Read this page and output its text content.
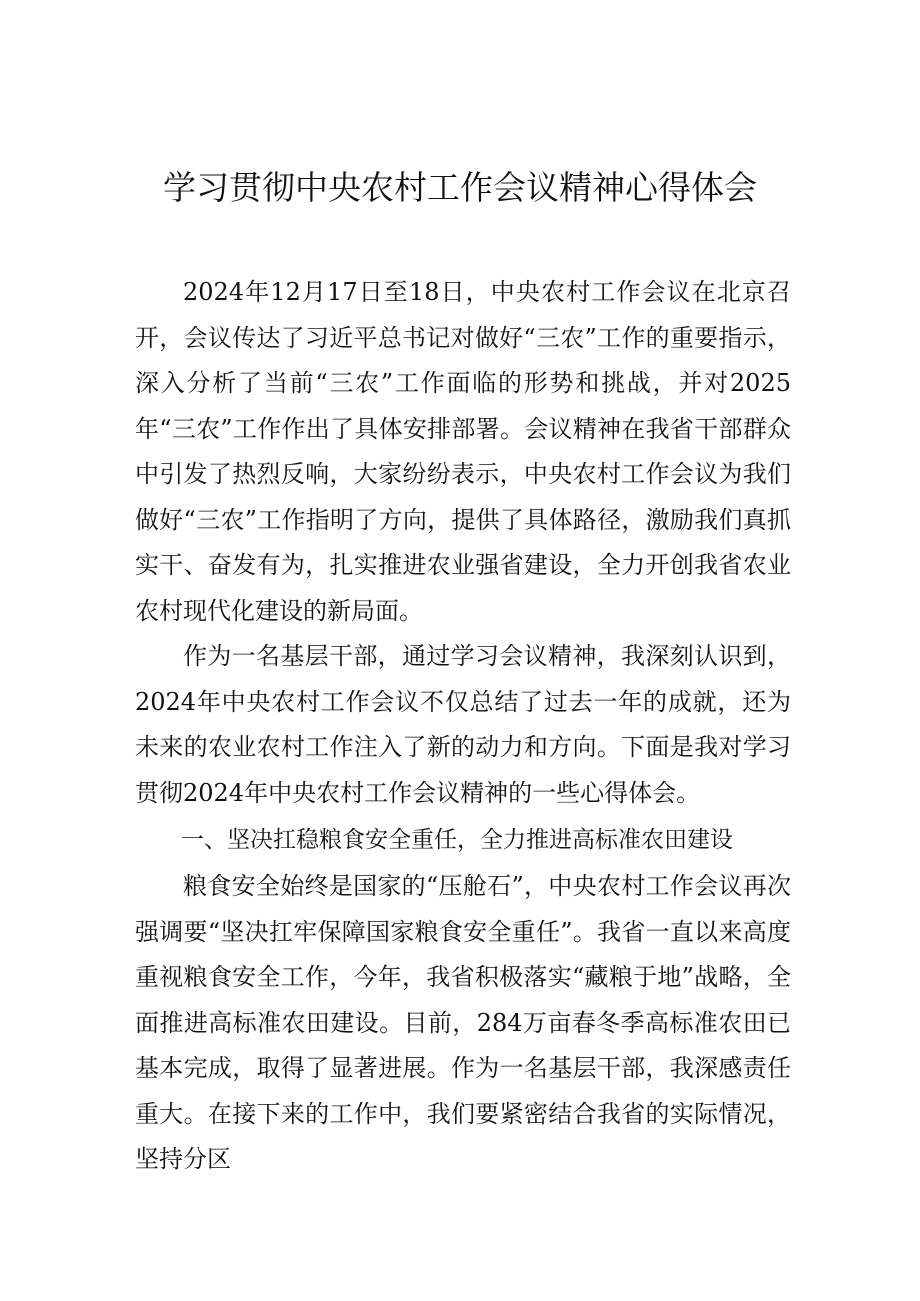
学习贯彻中央农村工作会议精神心得体会

2024年12月17日至18日，中央农村工作会议在北京召开，会议传达了习近平总书记对做好“三农”工作的重要指示，深入分析了当前“三农”工作面临的形势和挑战，并对2025年“三农”工作作出了具体安排部署。会议精神在我省干部群众中引发了热烈反响，大家纷纷表示，中央农村工作会议为我们做好“三农”工作指明了方向，提供了具体路径，激励我们真抓实干、奋发有为，扎实推进农业强省建设，全力开创我省农业农村现代化建设的新局面。

作为一名基层干部，通过学习会议精神，我深刻认识到，2024年中央农村工作会议不仅总结了过去一年的成就，还为未来的农业农村工作注入了新的动力和方向。下面是我对学习贯彻2024年中央农村工作会议精神的一些心得体会。

一、坚决扛稳粮食安全重任，全力推进高标准农田建设

粮食安全始终是国家的“压舱石”，中央农村工作会议再次强调要“坚决扛牢保障国家粮食安全重任”。我省一直以来高度重视粮食安全工作，今年，我省积极落实“藏粮于地”战略，全面推进高标准农田建设。目前，284万亩春冬季高标准农田已基本完成，取得了显著进展。作为一名基层干部，我深感责任重大。在接下来的工作中，我们要紧密结合我省的实际情况，坚持分区
